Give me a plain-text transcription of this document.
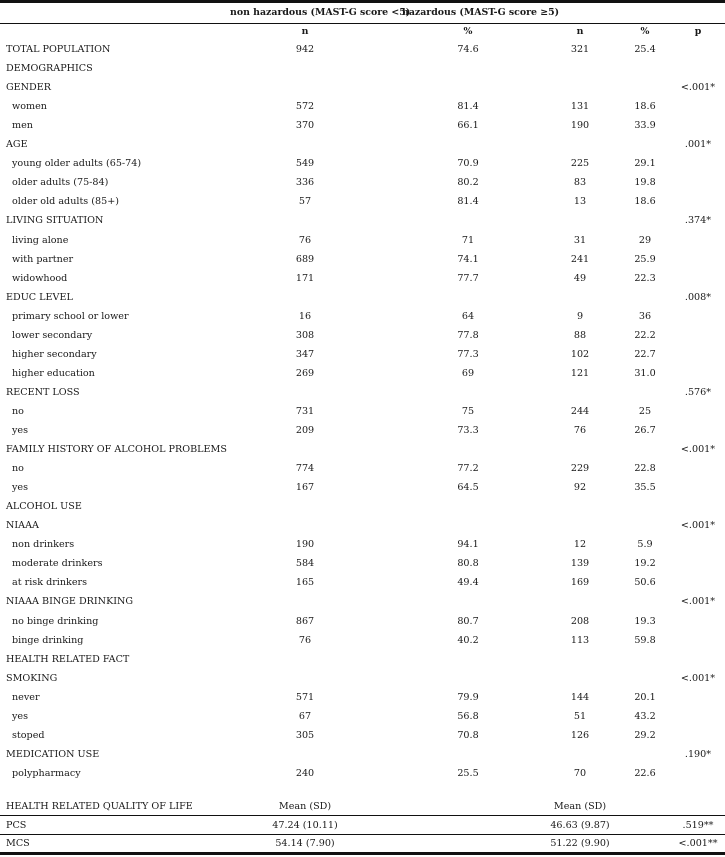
non hazardous (MAST-G score <5)
hazardous (MAST-G score ≥5)
n	%	n	%	p
TOTAL POPULATION	942	74.6	321	25.4
DEMOGRAPHICS
GENDER	<.001*
women	572	81.4	131	18.6
men	370	66.1	190	33.9
AGE	.001*
young older adults (65-74)	549	70.9	225	29.1
older adults (75-84)	336	80.2	83	19.8
older old adults (85+)	57	81.4	13	18.6
LIVING SITUATION	.374*
living alone	76	71	31	29
with partner	689	74.1	241	25.9
widowhood	171	77.7	49	22.3
EDUC LEVEL	.008*
primary school or lower	16	64	9	36
lower secondary	308	77.8	88	22.2
higher secondary	347	77.3	102	22.7
higher education	269	69	121	31.0
RECENT LOSS	.576*
no	731	75	244	25
yes	209	73.3	76	26.7
FAMILY HISTORY OF ALCOHOL PROBLEMS	<.001*
no	774	77.2	229	22.8
yes	167	64.5	92	35.5
ALCOHOL USE
NIAAA	<.001*
non drinkers	190	94.1	12	5.9
moderate drinkers	584	80.8	139	19.2
at risk drinkers	165	49.4	169	50.6
NIAAA BINGE DRINKING	<.001*
no binge drinking	867	80.7	208	19.3
binge drinking	76	40.2	113	59.8
HEALTH RELATED FACT
SMOKING	<.001*
never	571	79.9	144	20.1
yes	67	56.8	51	43.2
stoped	305	70.8	126	29.2
MEDICATION USE	.190*
polypharmacy	240	25.5	70	22.6
HEALTH RELATED QUALITY OF LIFE	Mean (SD)	Mean (SD)
PCS	47.24 (10.11)	46.63 (9.87)	.519**
MCS	54.14 (7.90)	51.22 (9.90)	<.001**
